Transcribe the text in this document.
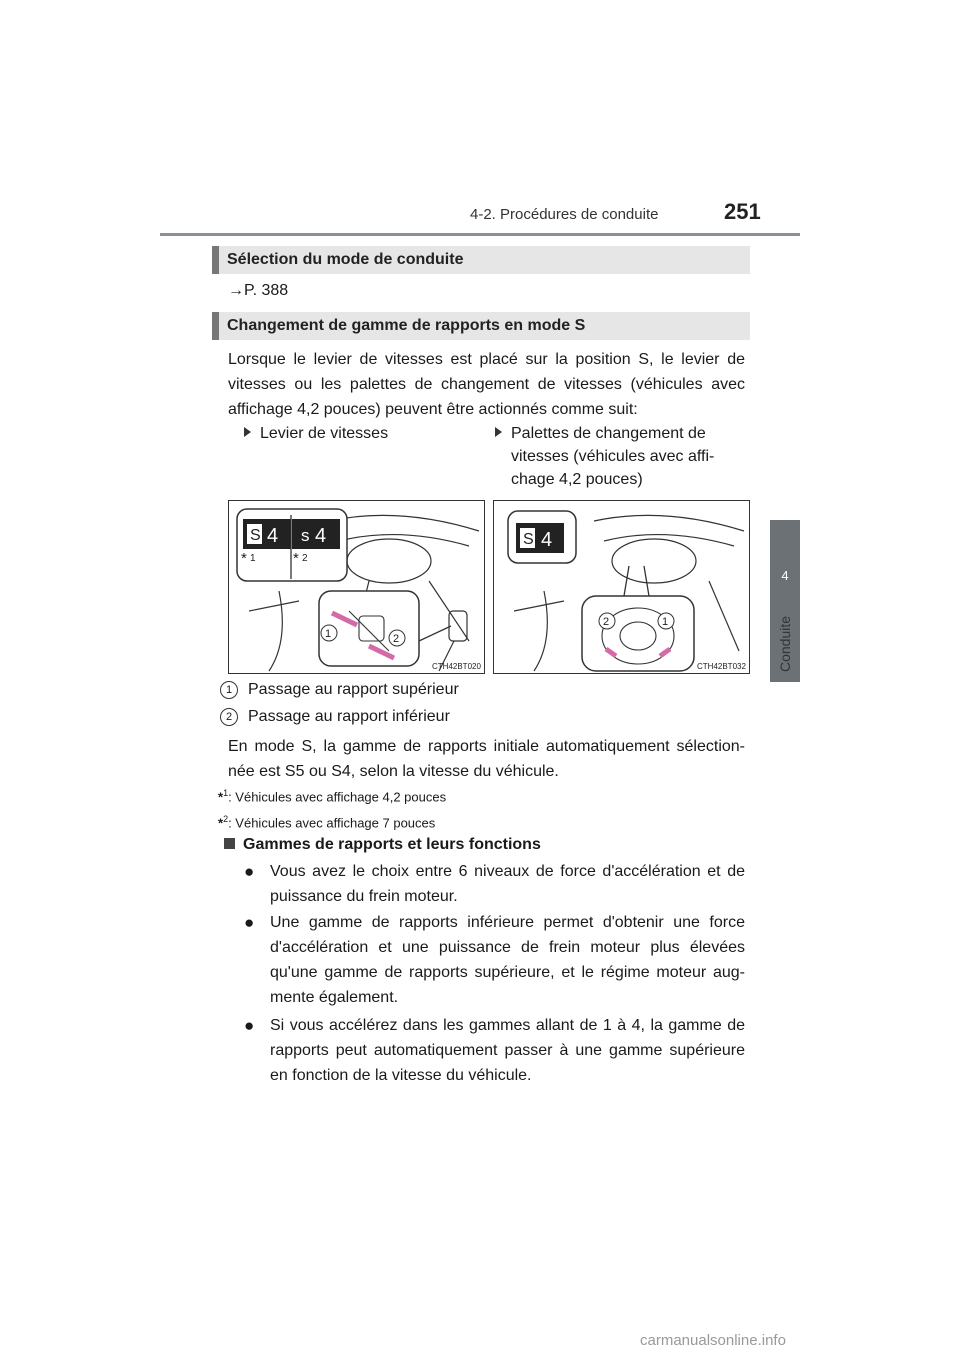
4-2. Procédures de conduite	251
4
Conduite
Sélection du mode de conduite
→P. 388
Changement de gamme de rapports en mode S
Lorsque le levier de vitesses est placé sur la position S, le levier de vitesses ou les palettes de changement de vitesses (véhicules avec affichage 4,2 pouces) peuvent être actionnés comme suit:
Levier de vitesses	Palettes de changement de
vitesses (véhicules avec affi-
chage 4,2 pouces)
S 4 s 4
* 1 * 2
1	2
CTH42BT020
S 4
2	1
CTH42BT032
1 Passage au rapport supérieur
2 Passage au rapport inférieur
En mode S, la gamme de rapports initiale automatiquement sélection-née est S5 ou S4, selon la vitesse du véhicule.
*$^1$: Véhicules avec affichage 4,2 pouces
*$^2$: Véhicules avec affichage 7 pouces
Gammes de rapports et leurs fonctions
● Vous avez le choix entre 6 niveaux de force d'accélération et de puissance du frein moteur.
● Une gamme de rapports inférieure permet d'obtenir une force d'accélération et une puissance de frein moteur plus élevées qu'une gamme de rapports supérieure, et le régime moteur aug-mente également.
● Si vous accélérez dans les gammes allant de 1 à 4, la gamme de rapports peut automatiquement passer à une gamme supérieure en fonction de la vitesse du véhicule.
carmanualsonline.info
